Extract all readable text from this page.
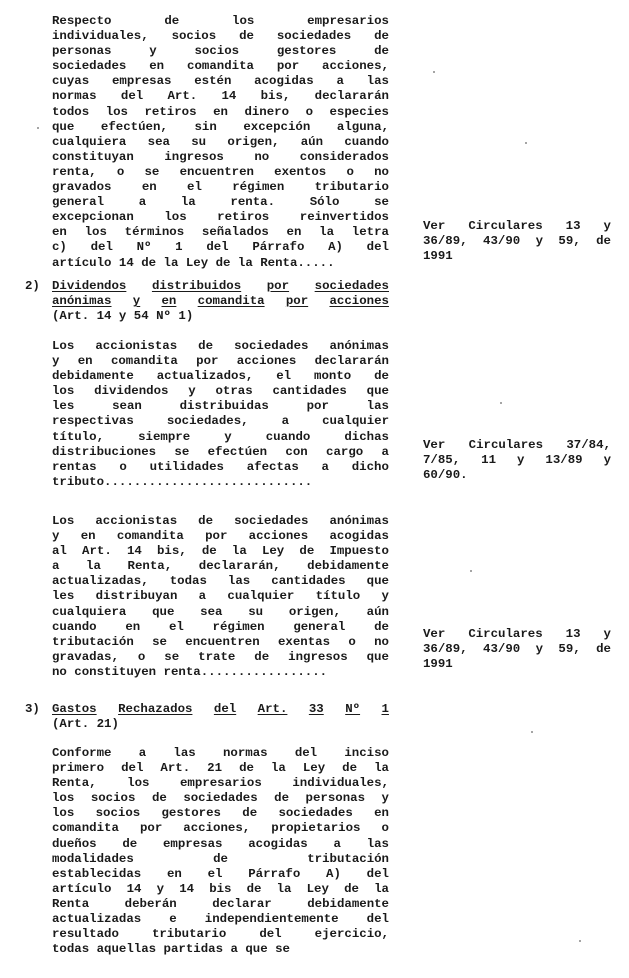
Respecto	de	los	empresarios
individuales, socios de sociedades de
personas	y	socios	gestores	de
sociedades en comandita por acciones,
cuyas empresas estén acogidas a las
normas del Art. 14 bis, declararán
todos los retiros en dinero o especies
que efectúen, sin excepción alguna,
cualquiera sea su origen, aún cuando
constituyan ingresos no considerados
renta, o se encuentren exentos o no
gravados en el régimen tributario
general	a	la	renta.	Sólo	se
excepcionan los retiros reinvertidos
en los términos señalados en la letra
c) del Nº 1 del Párrafo A) del
artículo 14 de la Ley de la Renta.....
Ver Circulares 13 y
36/89, 43/90 y 59, de
1991
2) Dividendos distribuidos por sociedades
anónimas y en comandita por acciones
(Art. 14 y 54 Nº 1)
Los accionistas de sociedades anónimas
y en comandita por acciones declararán
debidamente actualizados, el monto de
los dividendos y otras cantidades que
les	sean	distribuidas	por	las
respectivas	sociedades,	a	cualquier
título,	siempre	y	cuando	dichas
distribuciones se efectúen con cargo a
rentas o utilidades afectas a dicho
tributo............................
Ver Circulares 37/84,
7/85, 11 y 13/89 y
60/90.
Los accionistas de sociedades anónimas
y en comandita por acciones acogidas
al Art. 14 bis, de la Ley de Impuesto
a la Renta, declararán, debidamente
actualizadas, todas las cantidades que
les distribuyan a cualquier título y
cualquiera que sea su origen, aún
cuando en el régimen general de
tributación se encuentren exentas o no
gravadas, o se trate de ingresos que
no constituyen renta.................
Ver Circulares 13 y
36/89, 43/90 y 59, de
1991
3) Gastos Rechazados del Art. 33 Nº 1
(Art. 21)
Conforme a las normas del inciso
primero del Art. 21 de la Ley de la
Renta, los empresarios individuales,
los socios de sociedades de personas y
los socios gestores de sociedades en
comandita por acciones, propietarios o
dueños de empresas acogidas a las
modalidades	de	tributación
establecidas en el Párrafo A) del
artículo 14 y 14 bis de la Ley de la
Renta	deberán	declarar	debidamente
actualizadas e independientemente del
resultado	tributario	del	ejercicio,
todas aquellas partidas a que se
